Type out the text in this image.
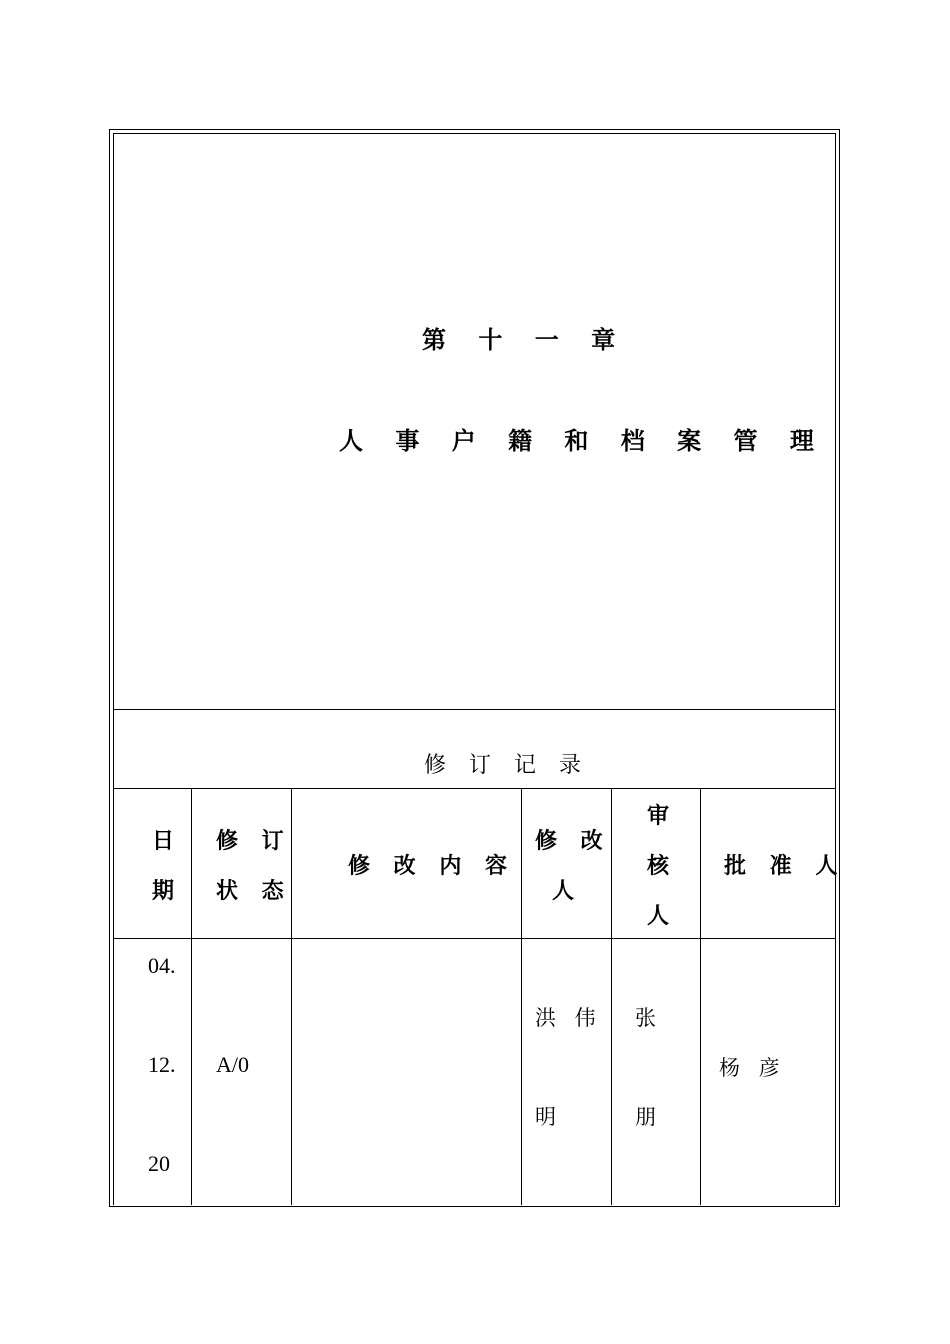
第 十 一 章
人 事 户 籍 和 档 案 管 理
修 订 记 录
日
期
修 订
状 态
修 改 内 容
修 改
人
审
核
人
批 准 人
04.
12.
20
A/0
洪 伟
明
张
朋
杨 彦
